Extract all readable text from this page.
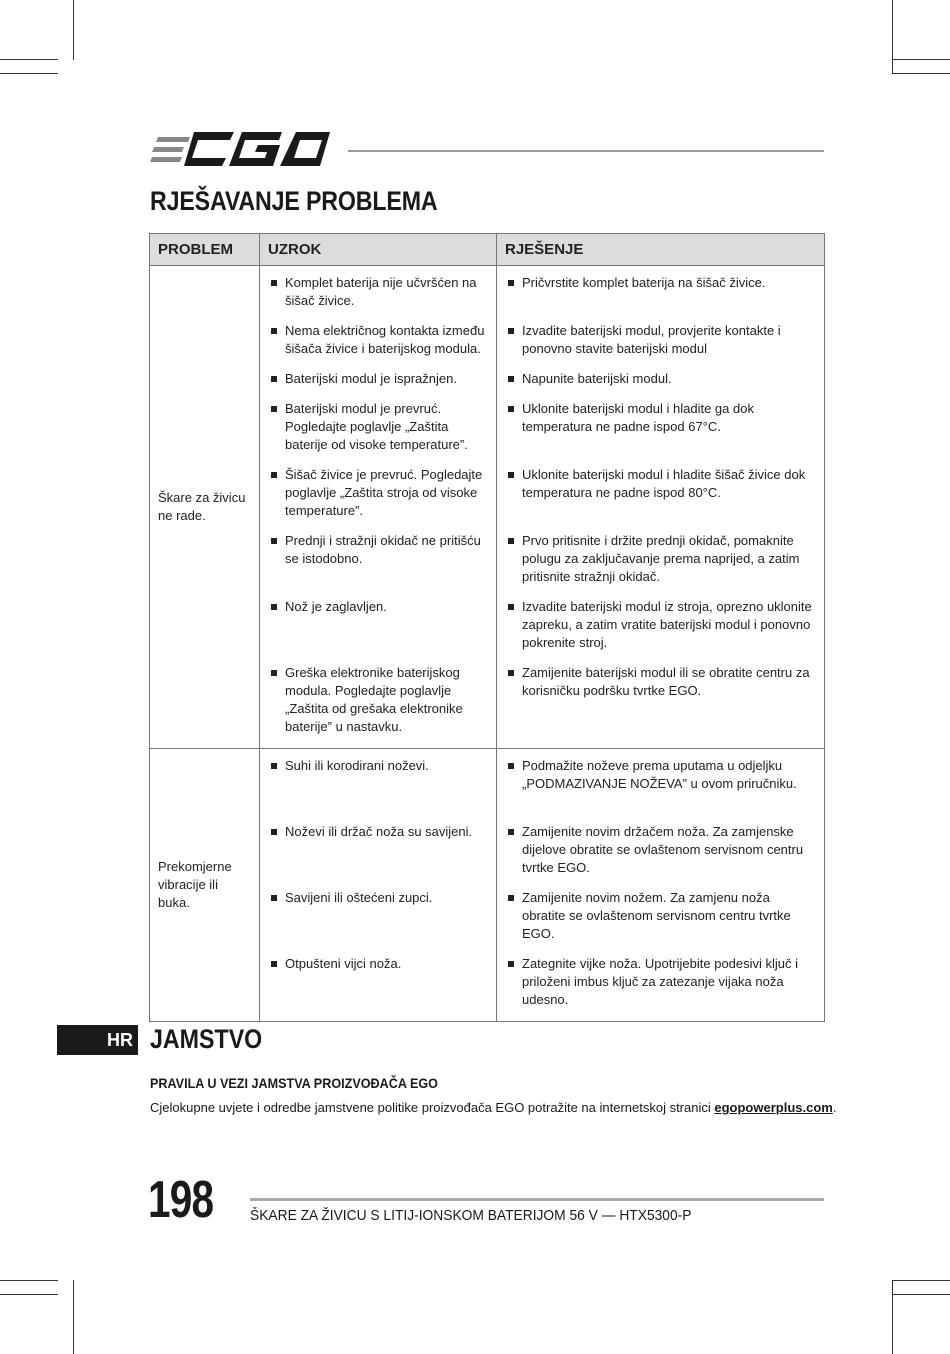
RJEŠAVANJE PROBLEMA
PROBLEM	UZROK	RJEŠENJE
Škare za živicu ne rade.	Komplet baterija nije učvršćen na šišač živice.	Pričvrstite komplet baterija na šišač živice.

	Nema električnog kontakta između šišača živice i baterijskog modula.	Izvadite baterijski modul, provjerite kontakte i ponovno stavite baterijski modul

	Baterijski modul je ispražnjen.	Napunite baterijski modul.

	Baterijski modul je prevruć. Pogledajte poglavlje „Zaštita baterije od visoke temperature”.	Uklonite baterijski modul i hladite ga dok temperatura ne padne ispod 67°C.

	Šišač živice je prevruć. Pogledajte poglavlje „Zaštita stroja od visoke temperature”.	Uklonite baterijski modul i hladite šišač živice dok temperatura ne padne ispod 80°C.

	Prednji i stražnji okidač ne pritišću se istodobno.	Prvo pritisnite i držite prednji okidač, pomaknite polugu za zaključavanje prema naprijed, a zatim pritisnite stražnji okidač.

	Nož je zaglavljen.	Izvadite baterijski modul iz stroja, oprezno uklonite zapreku, a zatim vratite baterijski modul i ponovno pokrenite stroj.

	Greška elektronike baterijskog modula. Pogledajte poglavlje „Zaštita od grešaka elektronike baterije” u nastavku.	Zamijenite baterijski modul ili se obratite centru za korisničku podršku tvrtke EGO.

Prekomjerne vibracije ili buka.	Suhi ili korodirani noževi.	Podmažite noževe prema uputama u odjeljku „PODMAZIVANJE NOŽEVA” u ovom priručniku.

	Noževi ili držač noža su savijeni.	Zamijenite novim držačem noža. Za zamjenske dijelove obratite se ovlaštenom servisnom centru tvrtke EGO.

	Savijeni ili oštećeni zupci.	Zamijenite novim nožem. Za zamjenu noža obratite se ovlaštenom servisnom centru tvrtke EGO.

	Otpušteni vijci noža.	Zategnite vijke noža. Upotrijebite podesivi ključ i priloženi imbus ključ za zatezanje vijaka noža udesno.
HR JAMSTVO
PRAVILA U VEZI JAMSTVA PROIZVOĐAČA EGO

Cjelokupne uvjete i odredbe jamstvene politike proizvođača EGO potražite na internetskoj stranici egopowerplus.com.

198 ŠKARE ZA ŽIVICU S LITIJ-IONSKOM BATERIJOM 56 V — HTX5300-P
